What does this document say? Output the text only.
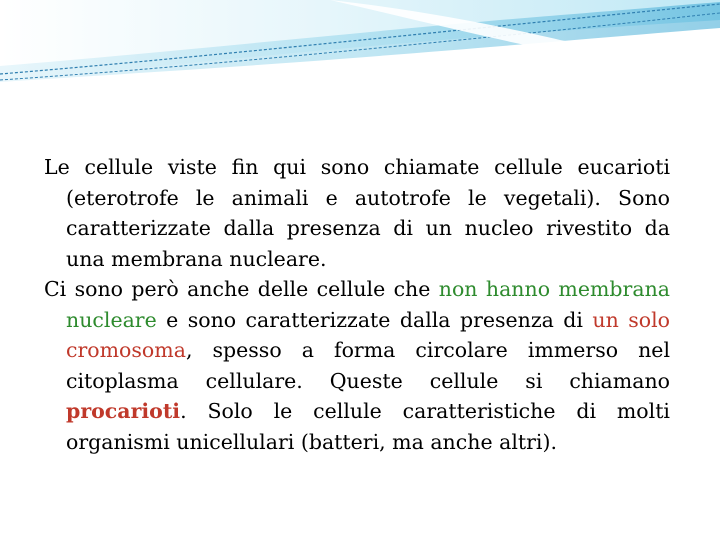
Cellule procariote

Le cellule viste fin qui sono chiamate cellule eucarioti (eterotrofe le animali e autotrofe le vegetali). Sono caratterizzate dalla presenza di un nucleo rivestito da una membrana nucleare.

Ci sono però anche delle cellule che non hanno membrana nucleare e sono caratterizzate dalla presenza di un solo cromosoma, spesso a forma circolare immerso nel citoplasma cellulare. Queste cellule si chiamano procarioti. Solo le cellule caratteristiche di molti organismi unicellulari (batteri, ma anche altri).
